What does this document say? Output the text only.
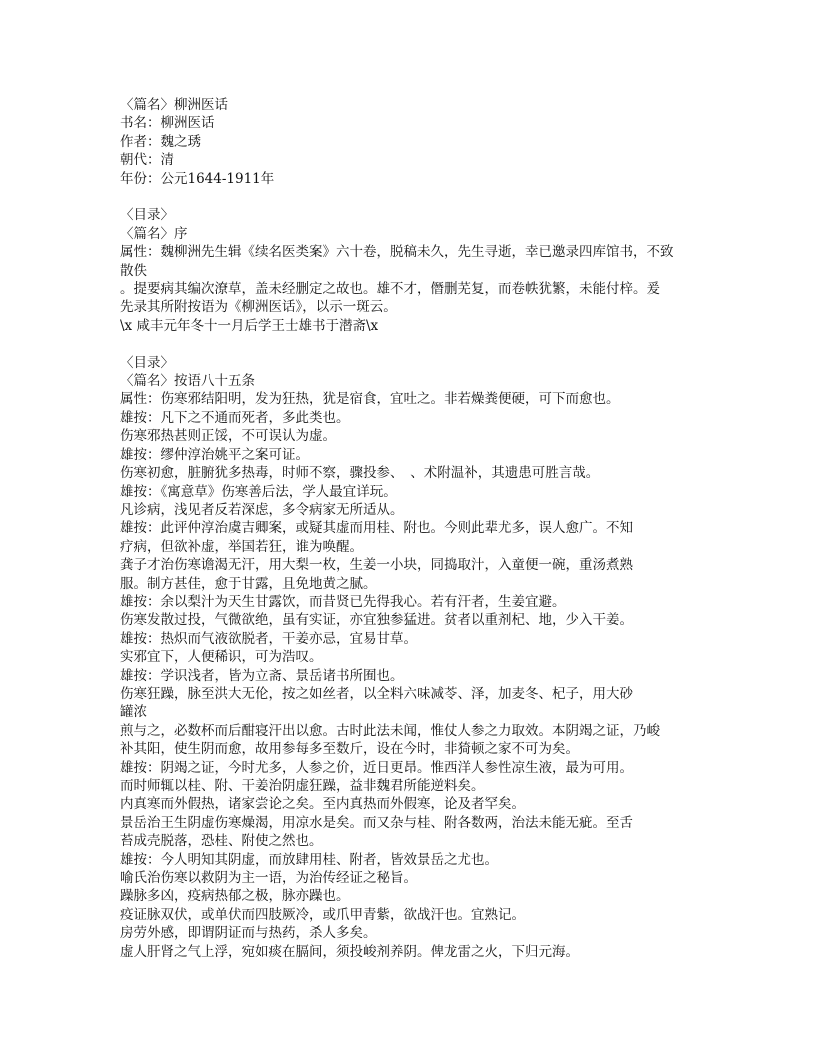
〈篇名〉柳洲医话
书名：柳洲医话
作者：魏之琇
朝代：清
年份：公元1644-1911年
〈目录〉
〈篇名〉序
属性：魏柳洲先生辑《续名医类案》六十卷，脱稿未久，先生寻逝，幸已邀录四库馆书，不致
散佚
。提要病其编次潦草，盖未经删定之故也。雄不才，僭删芜复，而卷帙犹繁，未能付梓。爰
先录其所附按语为《柳洲医话》，以示一斑云。
\x 咸丰元年冬十一月后学王士雄书于潜斋\x
〈目录〉
〈篇名〉按语八十五条
属性：伤寒邪结阳明，发为狂热，犹是宿食，宜吐之。非若燥粪便硬，可下而愈也。
雄按：凡下之不通而死者，多此类也。
伤寒邪热甚则正馁，不可误认为虚。
雄按：缪仲淳治姚平之案可证。
伤寒初愈，脏腑犹多热毒，时师不察，骤投参、　、术附温补，其遗患可胜言哉。
雄按：《寓意草》伤寒善后法，学人最宜详玩。
凡诊病，浅见者反若深虑，多令病家无所适从。
雄按：此评仲淳治虞吉卿案，或疑其虚而用桂、附也。今则此辈尤多，误人愈广。不知
疗病，但欲补虚，举国若狂，谁为唤醒。
龚子才治伤寒谵渴无汗，用大梨一枚，生姜一小块，同捣取汁，入童便一碗，重汤煮熟
服。制方甚佳，愈于甘露，且免地黄之腻。
雄按：余以梨汁为天生甘露饮，而昔贤已先得我心。若有汗者，生姜宜避。
伤寒发散过投，气微欲绝，虽有实证，亦宜独参猛进。贫者以重剂杞、地，少入干姜。
雄按：热炽而气液欲脱者，干姜亦忌，宜易甘草。
实邪宜下，人便稀识，可为浩叹。
雄按：学识浅者，皆为立斋、景岳诸书所囿也。
伤寒狂躁，脉至洪大无伦，按之如丝者，以全料六味减苓、泽，加麦冬、杞子，用大砂
罐浓
煎与之，必数杯而后酣寝汗出以愈。古时此法未闻，惟仗人参之力取效。本阴竭之证，乃峻
补其阳，使生阴而愈，故用参每多至数斤，设在今时，非猗顿之家不可为矣。
雄按：阴竭之证，今时尤多，人参之价，近日更昂。惟西洋人参性凉生液，最为可用。
而时师辄以桂、附、干姜治阴虚狂躁，益非魏君所能逆料矣。
内真寒而外假热，诸家尝论之矣。至内真热而外假寒，论及者罕矣。
景岳治王生阴虚伤寒燥渴，用凉水是矣。而又杂与桂、附各数两，治法未能无疵。至舌
苔成壳脱落，恐桂、附使之然也。
雄按：今人明知其阴虚，而放肆用桂、附者，皆效景岳之尤也。
喻氏治伤寒以救阴为主一语，为治传经证之秘旨。
躁脉多凶，疫病热郁之极，脉亦躁也。
疫证脉双伏，或单伏而四肢厥冷，或爪甲青紫，欲战汗也。宜熟记。
房劳外感，即谓阴证而与热药，杀人多矣。
虚人肝肾之气上浮，宛如痰在膈间，须投峻剂养阴。俾龙雷之火，下归元海。
